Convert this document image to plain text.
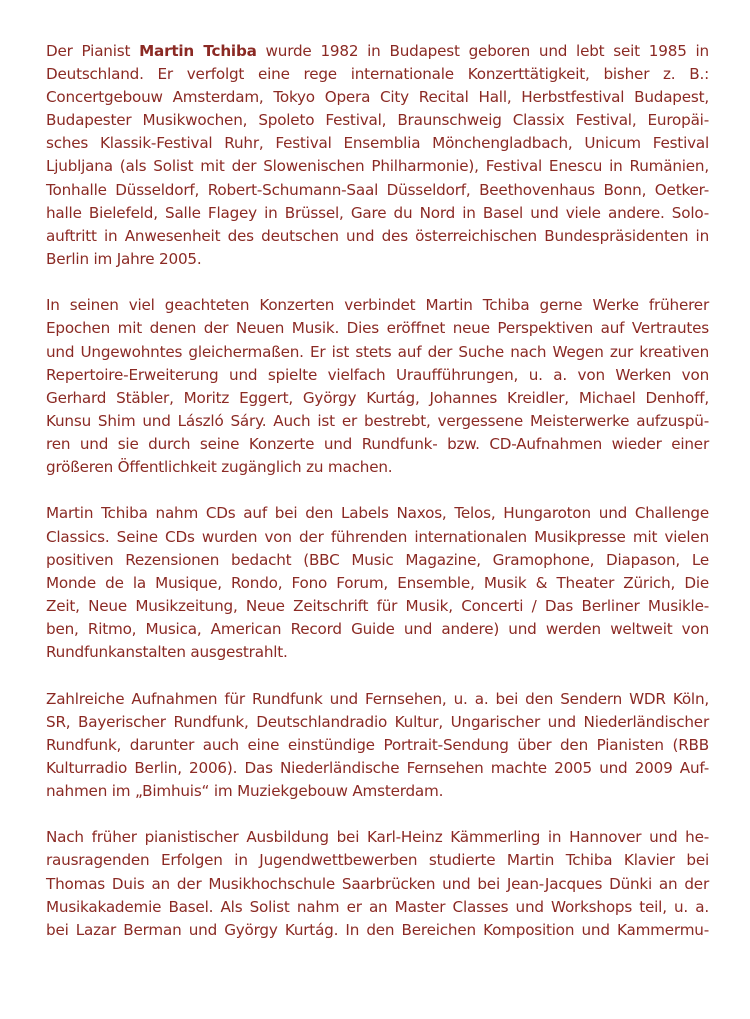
Der Pianist Martin Tchiba wurde 1982 in Budapest geboren und lebt seit 1985 in
Deutschland. Er verfolgt eine rege internationale Konzerttätigkeit, bisher z. B.:
Concertgebouw Amsterdam, Tokyo Opera City Recital Hall, Herbstfestival Budapest,
Budapester Musikwochen, Spoleto Festival, Braunschweig Classix Festival, Europäi-
sches Klassik-Festival Ruhr, Festival Ensemblia Mönchengladbach, Unicum Festival
Ljubljana (als Solist mit der Slowenischen Philharmonie), Festival Enescu in Rumänien,
Tonhalle Düsseldorf, Robert-Schumann-Saal Düsseldorf, Beethovenhaus Bonn, Oetker-
halle Bielefeld, Salle Flagey in Brüssel, Gare du Nord in Basel und viele andere. Solo-
auftritt in Anwesenheit des deutschen und des österreichischen Bundespräsidenten in
Berlin im Jahre 2005.

In seinen viel geachteten Konzerten verbindet Martin Tchiba gerne Werke früherer
Epochen mit denen der Neuen Musik. Dies eröffnet neue Perspektiven auf Vertrautes
und Ungewohntes gleichermaßen. Er ist stets auf der Suche nach Wegen zur kreativen
Repertoire-Erweiterung und spielte vielfach Uraufführungen, u. a. von Werken von
Gerhard Stäbler, Moritz Eggert, György Kurtág, Johannes Kreidler, Michael Denhoff,
Kunsu Shim und László Sáry. Auch ist er bestrebt, vergessene Meisterwerke aufzuspü-
ren und sie durch seine Konzerte und Rundfunk- bzw. CD-Aufnahmen wieder einer
größeren Öffentlichkeit zugänglich zu machen.

Martin Tchiba nahm CDs auf bei den Labels Naxos, Telos, Hungaroton und Challenge
Classics. Seine CDs wurden von der führenden internationalen Musikpresse mit vielen
positiven Rezensionen bedacht (BBC Music Magazine, Gramophone, Diapason, Le
Monde de la Musique, Rondo, Fono Forum, Ensemble, Musik & Theater Zürich, Die
Zeit, Neue Musikzeitung, Neue Zeitschrift für Musik, Concerti / Das Berliner Musikle-
ben, Ritmo, Musica, American Record Guide und andere) und werden weltweit von
Rundfunkanstalten ausgestrahlt.

Zahlreiche Aufnahmen für Rundfunk und Fernsehen, u. a. bei den Sendern WDR Köln,
SR, Bayerischer Rundfunk, Deutschlandradio Kultur, Ungarischer und Niederländischer
Rundfunk, darunter auch eine einstündige Portrait-Sendung über den Pianisten (RBB
Kulturradio Berlin, 2006). Das Niederländische Fernsehen machte 2005 und 2009 Auf-
nahmen im „Bimhuis“ im Muziekgebouw Amsterdam.

Nach früher pianistischer Ausbildung bei Karl-Heinz Kämmerling in Hannover und he-
rausragenden Erfolgen in Jugendwettbewerben studierte Martin Tchiba Klavier bei
Thomas Duis an der Musikhochschule Saarbrücken und bei Jean-Jacques Dünki an der
Musikakademie Basel. Als Solist nahm er an Master Classes und Workshops teil, u. a.
bei Lazar Berman und György Kurtág. In den Bereichen Komposition und Kammermu-
